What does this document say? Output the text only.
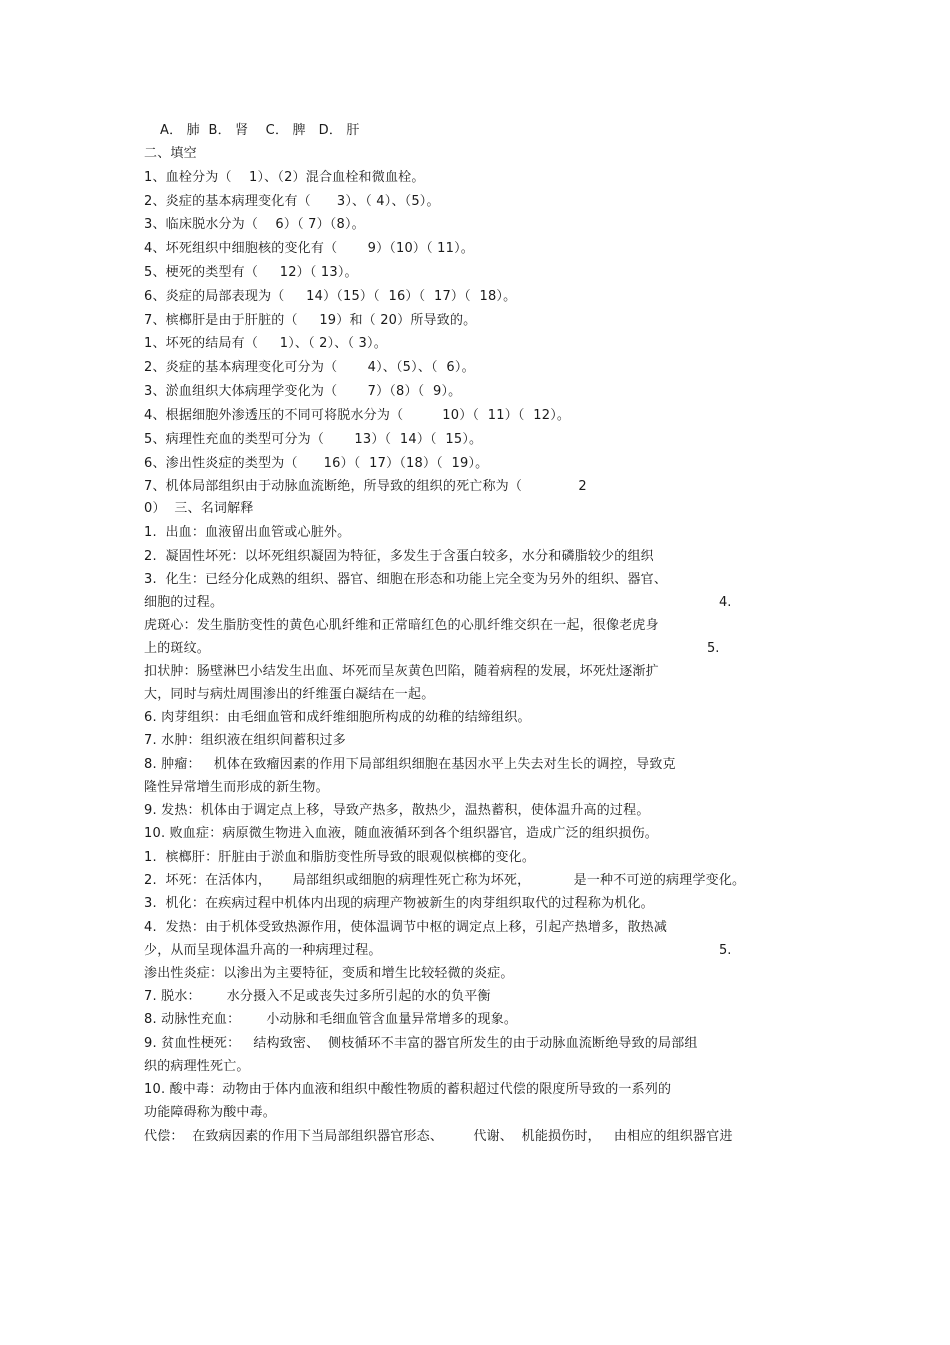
A． 肺  B． 肾    C． 脾   D． 肝
二、填空
1、血栓分为（    1）、（2）混合血栓和微血栓。
2、炎症的基本病理变化有（      3）、（ 4）、（5）。
3、临床脱水分为（    6）（ 7）（8）。
4、坏死组织中细胞核的变化有（       9）（10）（ 11）。
5、梗死的类型有（     12）（ 13）。
6、炎症的局部表现为（     14）（15）（  16）（  17）（  18）。
7、槟榔肝是由于肝脏的（     19）和（ 20）所导致的。
1、坏死的结局有（     1）、（ 2）、（ 3）。
2、炎症的基本病理变化可分为（       4）、（5）、（  6）。
3、淤血组织大体病理学变化为（       7）（8）（  9）。
4、根据细胞外渗透压的不同可将脱水分为（         10）（  11）（  12）。
5、病理性充血的类型可分为（       13）（  14）（  15）。
6、渗出性炎症的类型为（      16）（  17）（18）（  19）。
7、机体局部组织由于动脉血流断绝，所导致的组织的死亡称为（             2
0）  三、名词解释
1.  出血：血液留出血管或心脏外。
2.  凝固性坏死：以坏死组织凝固为特征，多发生于含蛋白较多，水分和磷脂较少的组织
3.  化生：已经分化成熟的组织、器官、细胞在形态和功能上完全变为另外的组织、器官、
细胞的过程。	4.
虎斑心：发生脂肪变性的黄色心肌纤维和正常暗红色的心肌纤维交织在一起，很像老虎身
上的斑纹。	5.
扣状肿：肠壁淋巴小结发生出血、坏死而呈灰黄色凹陷，随着病程的发展，坏死灶逐渐扩
大，同时与病灶周围渗出的纤维蛋白凝结在一起。
6. 肉芽组织：由毛细血管和成纤维细胞所构成的幼稚的结缔组织。
7. 水肿：组织液在组织间蓄积过多
8. 肿瘤：   机体在致瘤因素的作用下局部组织细胞在基因水平上失去对生长的调控，导致克
隆性异常增生而形成的新生物。
9. 发热：机体由于调定点上移，导致产热多，散热少，温热蓄积，使体温升高的过程。
10. 败血症：病原微生物进入血液，随血液循环到各个组织器官，造成广泛的组织损伤。
1.  槟榔肝：肝脏由于淤血和脂肪变性所导致的眼观似槟榔的变化。
2.  坏死：在活体内，     局部组织或细胞的病理性死亡称为坏死，          是一种不可逆的病理学变化。
3.  机化：在疾病过程中机体内出现的病理产物被新生的肉芽组织取代的过程称为机化。
4.  发热：由于机体受致热源作用，使体温调节中枢的调定点上移，引起产热增多，散热减
少，从而呈现体温升高的一种病理过程。	5.
渗出性炎症：以渗出为主要特征，变质和增生比较轻微的炎症。
7. 脱水：      水分摄入不足或丧失过多所引起的水的负平衡
8. 动脉性充血：      小动脉和毛细血管含血量异常增多的现象。
9. 贫血性梗死：   结构致密、  侧枝循环不丰富的器官所发生的由于动脉血流断绝导致的局部组
织的病理性死亡。
10. 酸中毒：动物由于体内血液和组织中酸性物质的蓄积超过代偿的限度所导致的一系列的
功能障碍称为酸中毒。
代偿：  在致病因素的作用下当局部组织器官形态、       代谢、  机能损伤时，   由相应的组织器官进
